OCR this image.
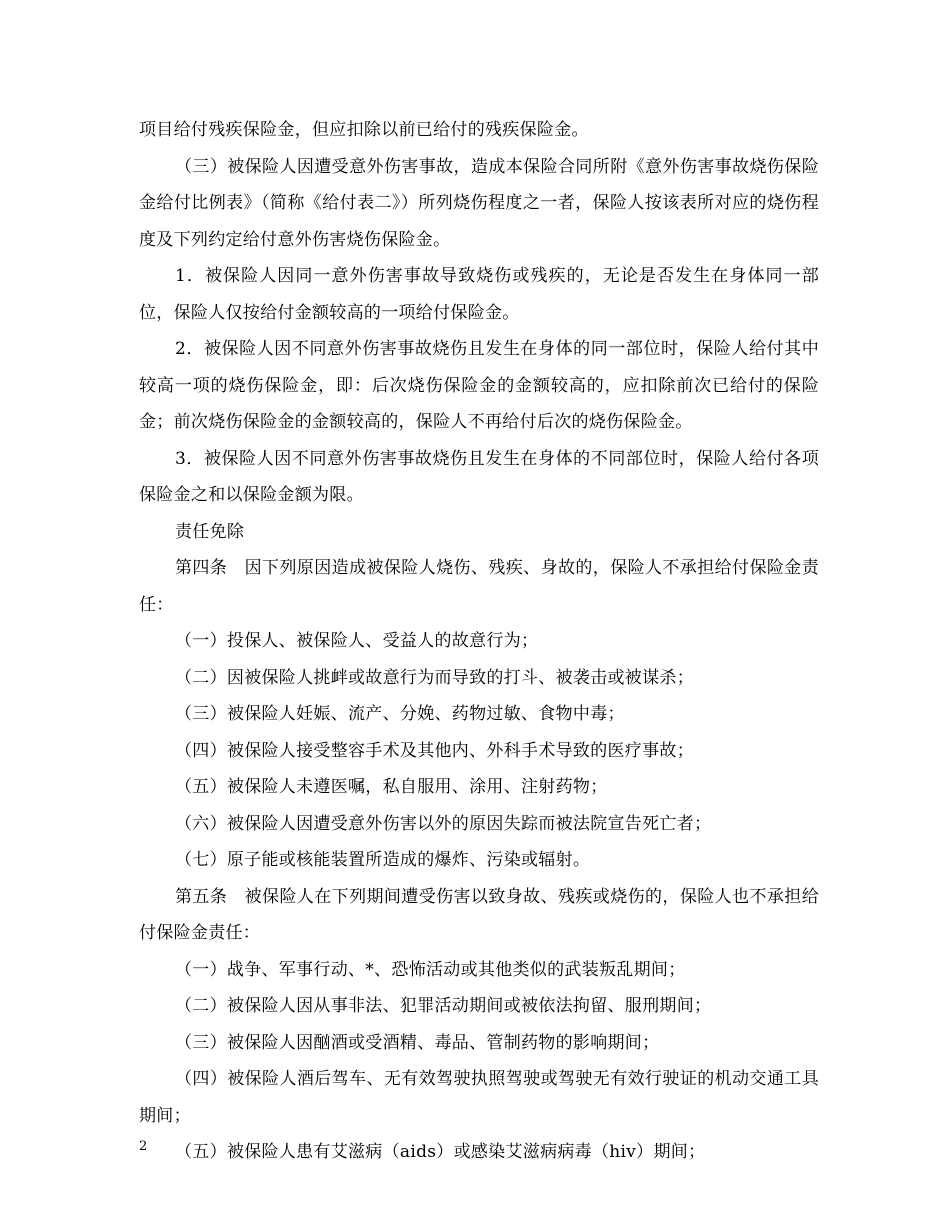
项目给付残疾保险金，但应扣除以前已给付的残疾保险金。

（三）被保险人因遭受意外伤害事故，造成本保险合同所附《意外伤害事故烧伤保险金给付比例表》（简称《给付表二》）所列烧伤程度之一者，保险人按该表所对应的烧伤程度及下列约定给付意外伤害烧伤保险金。

1．被保险人因同一意外伤害事故导致烧伤或残疾的，无论是否发生在身体同一部位，保险人仅按给付金额较高的一项给付保险金。

2．被保险人因不同意外伤害事故烧伤且发生在身体的同一部位时，保险人给付其中较高一项的烧伤保险金，即：后次烧伤保险金的金额较高的，应扣除前次已给付的保险金；前次烧伤保险金的金额较高的，保险人不再给付后次的烧伤保险金。

3．被保险人因不同意外伤害事故烧伤且发生在身体的不同部位时，保险人给付各项保险金之和以保险金额为限。

责任免除

第四条　因下列原因造成被保险人烧伤、残疾、身故的，保险人不承担给付保险金责任：

（一）投保人、被保险人、受益人的故意行为；

（二）因被保险人挑衅或故意行为而导致的打斗、被袭击或被谋杀；

（三）被保险人妊娠、流产、分娩、药物过敏、食物中毒；

（四）被保险人接受整容手术及其他内、外科手术导致的医疗事故；

（五）被保险人未遵医嘱，私自服用、涂用、注射药物；

（六）被保险人因遭受意外伤害以外的原因失踪而被法院宣告死亡者；

（七）原子能或核能装置所造成的爆炸、污染或辐射。

第五条　被保险人在下列期间遭受伤害以致身故、残疾或烧伤的，保险人也不承担给付保险金责任：

（一）战争、军事行动、*、恐怖活动或其他类似的武装叛乱期间；

（二）被保险人因从事非法、犯罪活动期间或被依法拘留、服刑期间；

（三）被保险人因酗酒或受酒精、毒品、管制药物的影响期间；

（四）被保险人酒后驾车、无有效驾驶执照驾驶或驾驶无有效行驶证的机动交通工具期间；

（五）被保险人患有艾滋病（aids）或感染艾滋病病毒（hiv）期间；

2
